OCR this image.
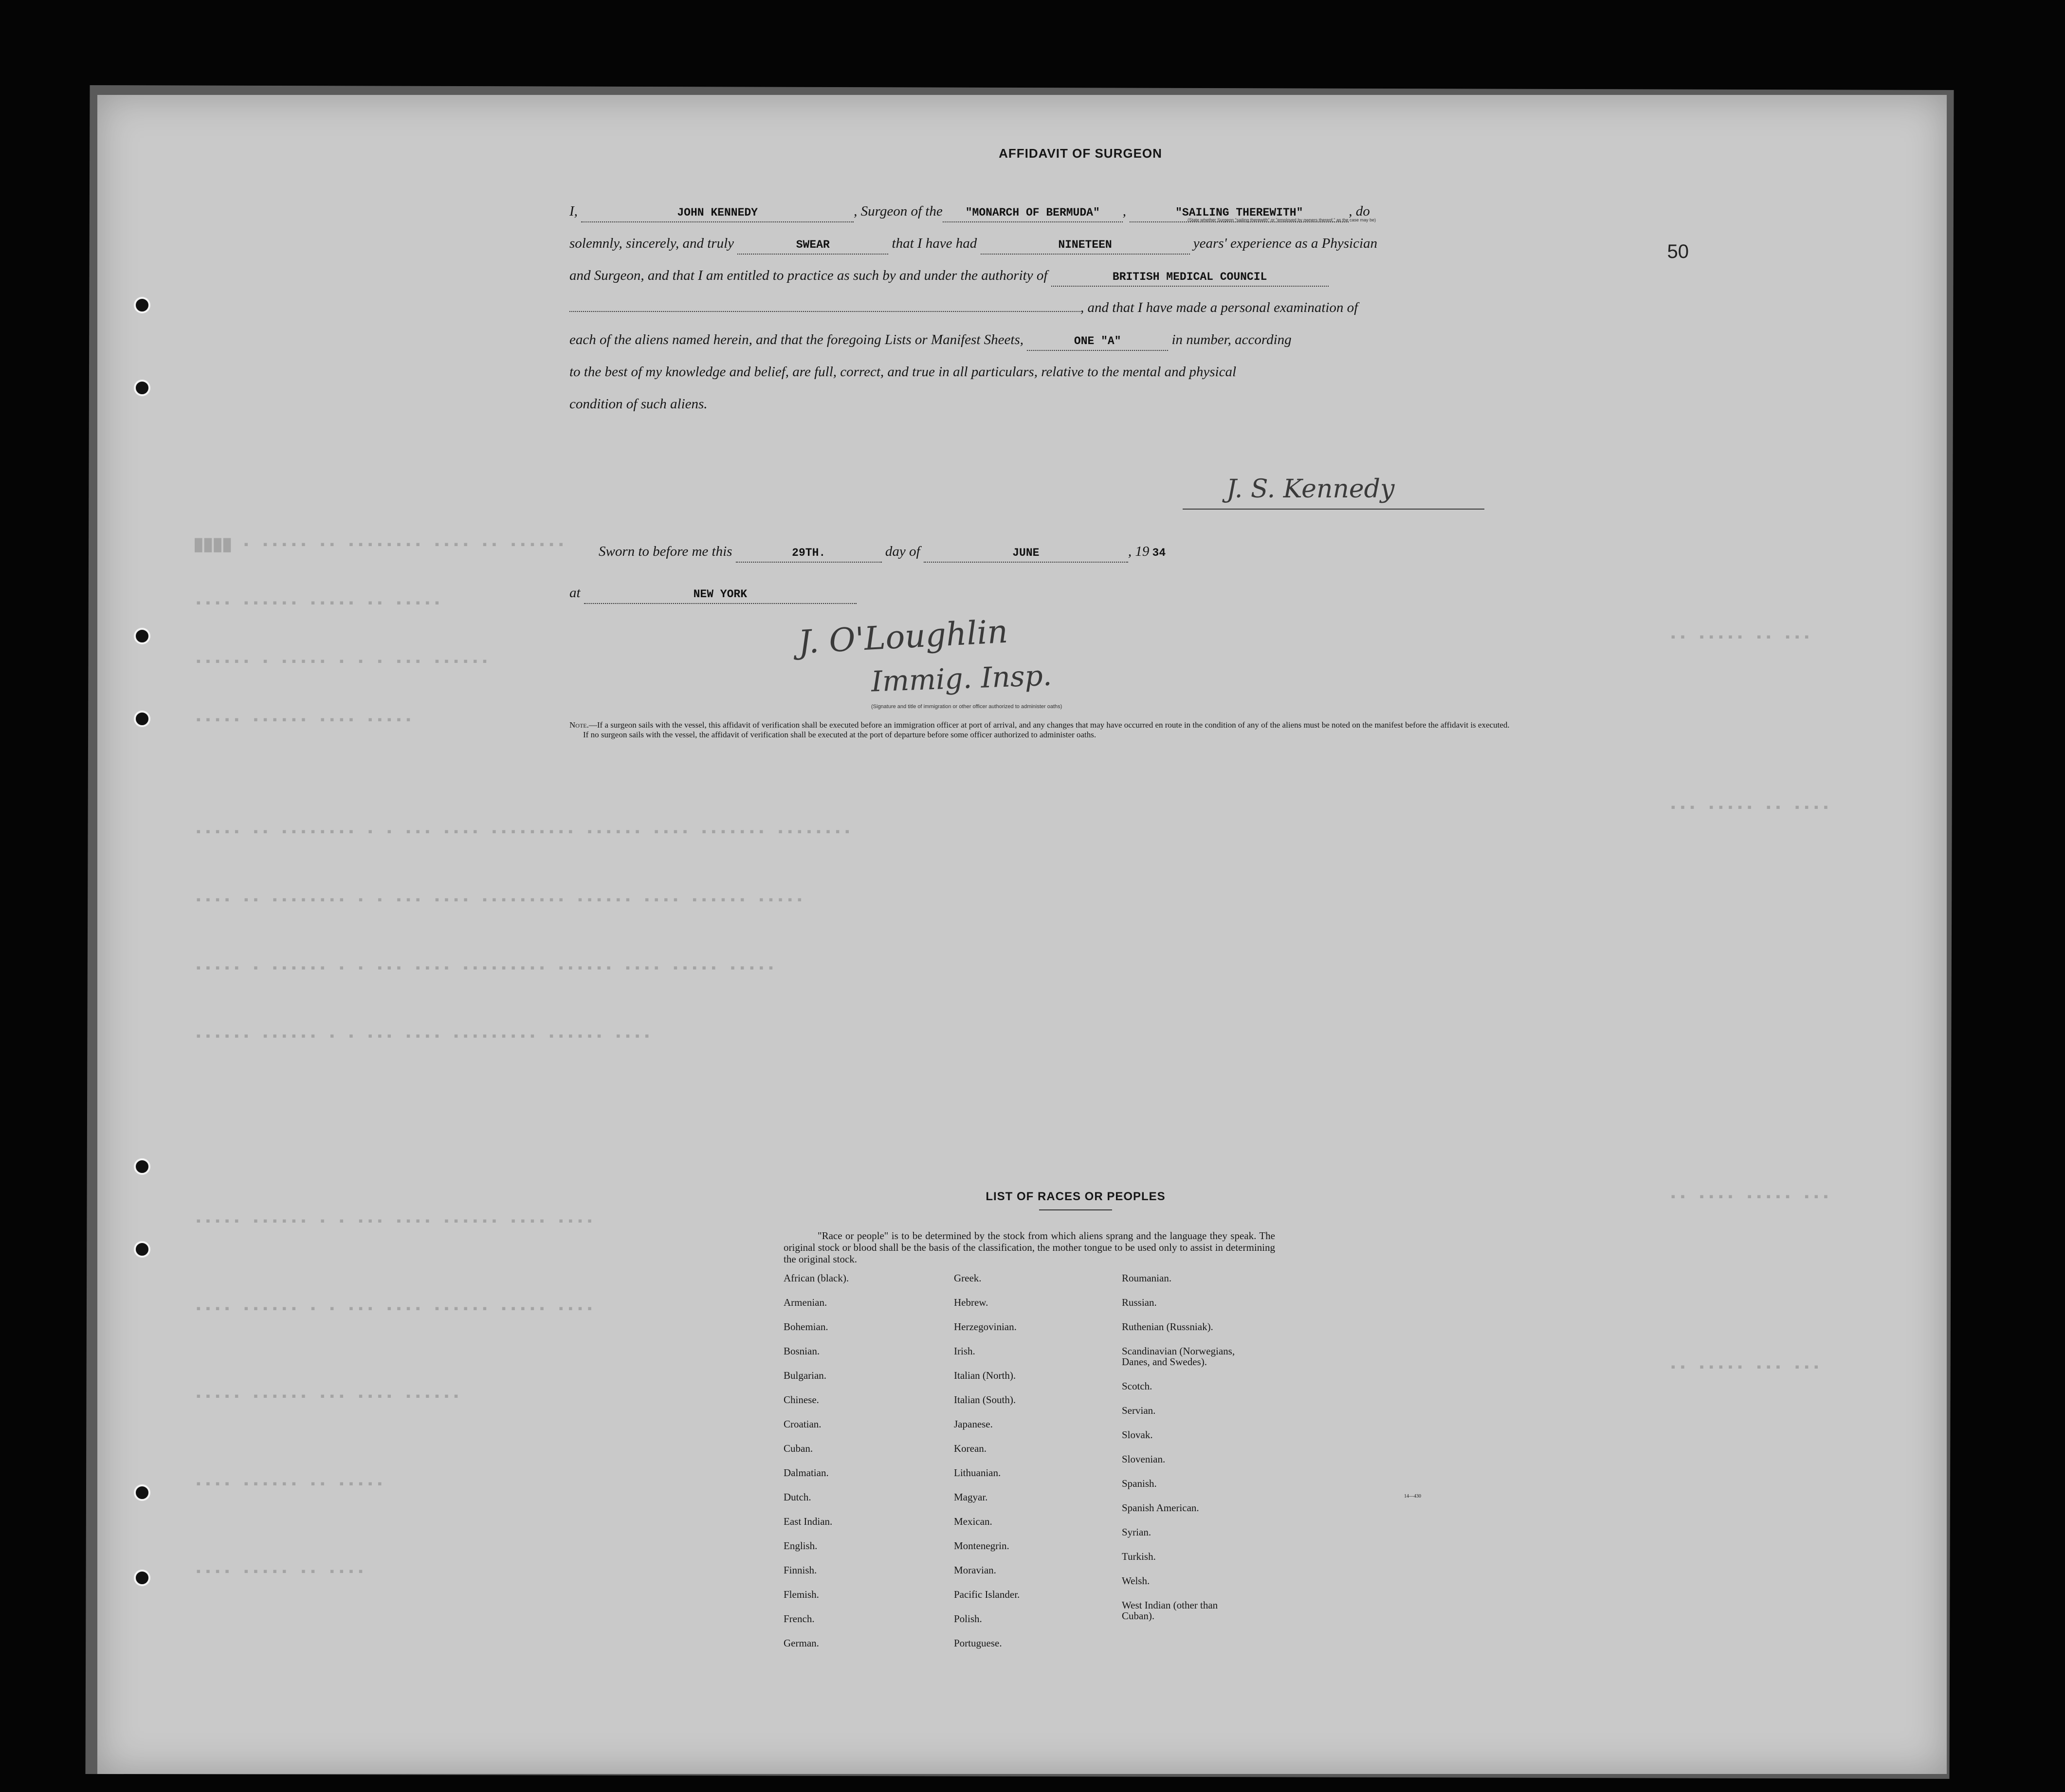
████ ▪ ▪▪▪▪▪ ▪▪ ▪▪▪▪▪▪▪▪ ▪▪▪▪ ▪▪ ▪▪▪▪▪▪
▪▪▪▪ ▪▪▪▪▪▪ ▪▪▪▪▪ ▪▪ ▪▪▪▪▪
▪▪▪▪▪▪ ▪ ▪▪▪▪▪ ▪ ▪ ▪ ▪▪▪ ▪▪▪▪▪▪
▪▪▪▪▪ ▪▪▪▪▪▪ ▪▪▪▪ ▪▪▪▪▪
▪▪▪▪▪ ▪▪ ▪▪▪▪▪▪▪▪ ▪ ▪ ▪▪▪ ▪▪▪▪ ▪▪▪▪▪▪▪▪▪ ▪▪▪▪▪▪ ▪▪▪▪ ▪▪▪▪▪▪▪ ▪▪▪▪▪▪▪▪
▪▪▪▪ ▪▪ ▪▪▪▪▪▪▪▪ ▪ ▪ ▪▪▪ ▪▪▪▪ ▪▪▪▪▪▪▪▪▪ ▪▪▪▪▪▪ ▪▪▪▪ ▪▪▪▪▪▪ ▪▪▪▪▪
▪▪▪▪▪ ▪ ▪▪▪▪▪▪ ▪ ▪ ▪▪▪ ▪▪▪▪ ▪▪▪▪▪▪▪▪▪ ▪▪▪▪▪▪ ▪▪▪▪ ▪▪▪▪▪ ▪▪▪▪▪
▪▪▪▪▪▪ ▪▪▪▪▪▪ ▪ ▪ ▪▪▪ ▪▪▪▪ ▪▪▪▪▪▪▪▪▪ ▪▪▪▪▪▪ ▪▪▪▪
▪▪▪▪▪ ▪▪▪▪▪▪ ▪ ▪ ▪▪▪ ▪▪▪▪ ▪▪▪▪▪▪ ▪▪▪▪ ▪▪▪▪
▪▪▪▪ ▪▪▪▪▪▪ ▪ ▪ ▪▪▪ ▪▪▪▪ ▪▪▪▪▪▪ ▪▪▪▪▪ ▪▪▪▪
▪▪▪▪▪ ▪▪▪▪▪▪ ▪▪▪ ▪▪▪▪ ▪▪▪▪▪▪
▪▪▪▪ ▪▪▪▪▪▪ ▪▪ ▪▪▪▪▪
▪▪▪▪ ▪▪▪▪▪ ▪▪ ▪▪▪▪
▪▪ ▪▪▪▪▪ ▪▪ ▪▪▪
▪▪▪ ▪▪▪▪▪ ▪▪ ▪▪▪▪
▪▪ ▪▪▪▪ ▪▪▪▪▪ ▪▪▪
▪▪ ▪▪▪▪▪ ▪▪▪ ▪▪▪
50
AFFIDAVIT OF SURGEON
I,	JOHN KENNEDY	, Surgeon of the "MONARCH OF BERMUDA" ,	"SAILING THEREWITH"	, do
(State whether Surgeon "sailing therewith" or "employed by owners thereof," as the case may be)
solemnly, sincerely, and truly	SWEAR	that I have had	NINETEEN	years' experience as a Physician
and Surgeon, and that I am entitled to practice as such by and under the authority of	BRITISH MEDICAL COUNCIL
, and that I have made a personal examination of
each of the aliens named herein, and that the foregoing Lists or Manifest Sheets,	ONE "A"	in number, according
to the best of my knowledge and belief, are full, correct, and true in all particulars, relative to the mental and physical
condition of such aliens.
J. S. Kennedy
Sworn to before me this	29TH.	day of	JUNE	, 19 34
at	NEW YORK
J. O'Loughlin
Immig. Insp.
(Signature and title of immigration or other officer authorized to administer oaths)
Note.—If a surgeon sails with the vessel, this affidavit of verification shall be executed before an immigration officer at port of arrival, and any changes that may have occurred en route in the condition of any of the aliens must be noted on the manifest before the affidavit is executed.
If no surgeon sails with the vessel, the affidavit of verification shall be executed at the port of departure before some officer authorized to administer oaths.
LIST OF RACES OR PEOPLES
"Race or people" is to be determined by the stock from which aliens sprang and the language they speak. The original stock or blood shall be the basis of the classification, the mother tongue to be used only to assist in determining the original stock.
African (black).
Armenian.
Bohemian.
Bosnian.
Bulgarian.
Chinese.
Croatian.
Cuban.
Dalmatian.
Dutch.
East Indian.
English.
Finnish.
Flemish.
French.
German.
Greek.
Hebrew.
Herzegovinian.
Irish.
Italian (North).
Italian (South).
Japanese.
Korean.
Lithuanian.
Magyar.
Mexican.
Montenegrin.
Moravian.
Pacific Islander.
Polish.
Portuguese.
Roumanian.
Russian.
Ruthenian (Russniak).
Scandinavian (Norwegians,
Danes, and Swedes).
Scotch.
Servian.
Slovak.
Slovenian.
Spanish.
Spanish American.
Syrian.
Turkish.
Welsh.
West Indian (other than
Cuban).
14—430
